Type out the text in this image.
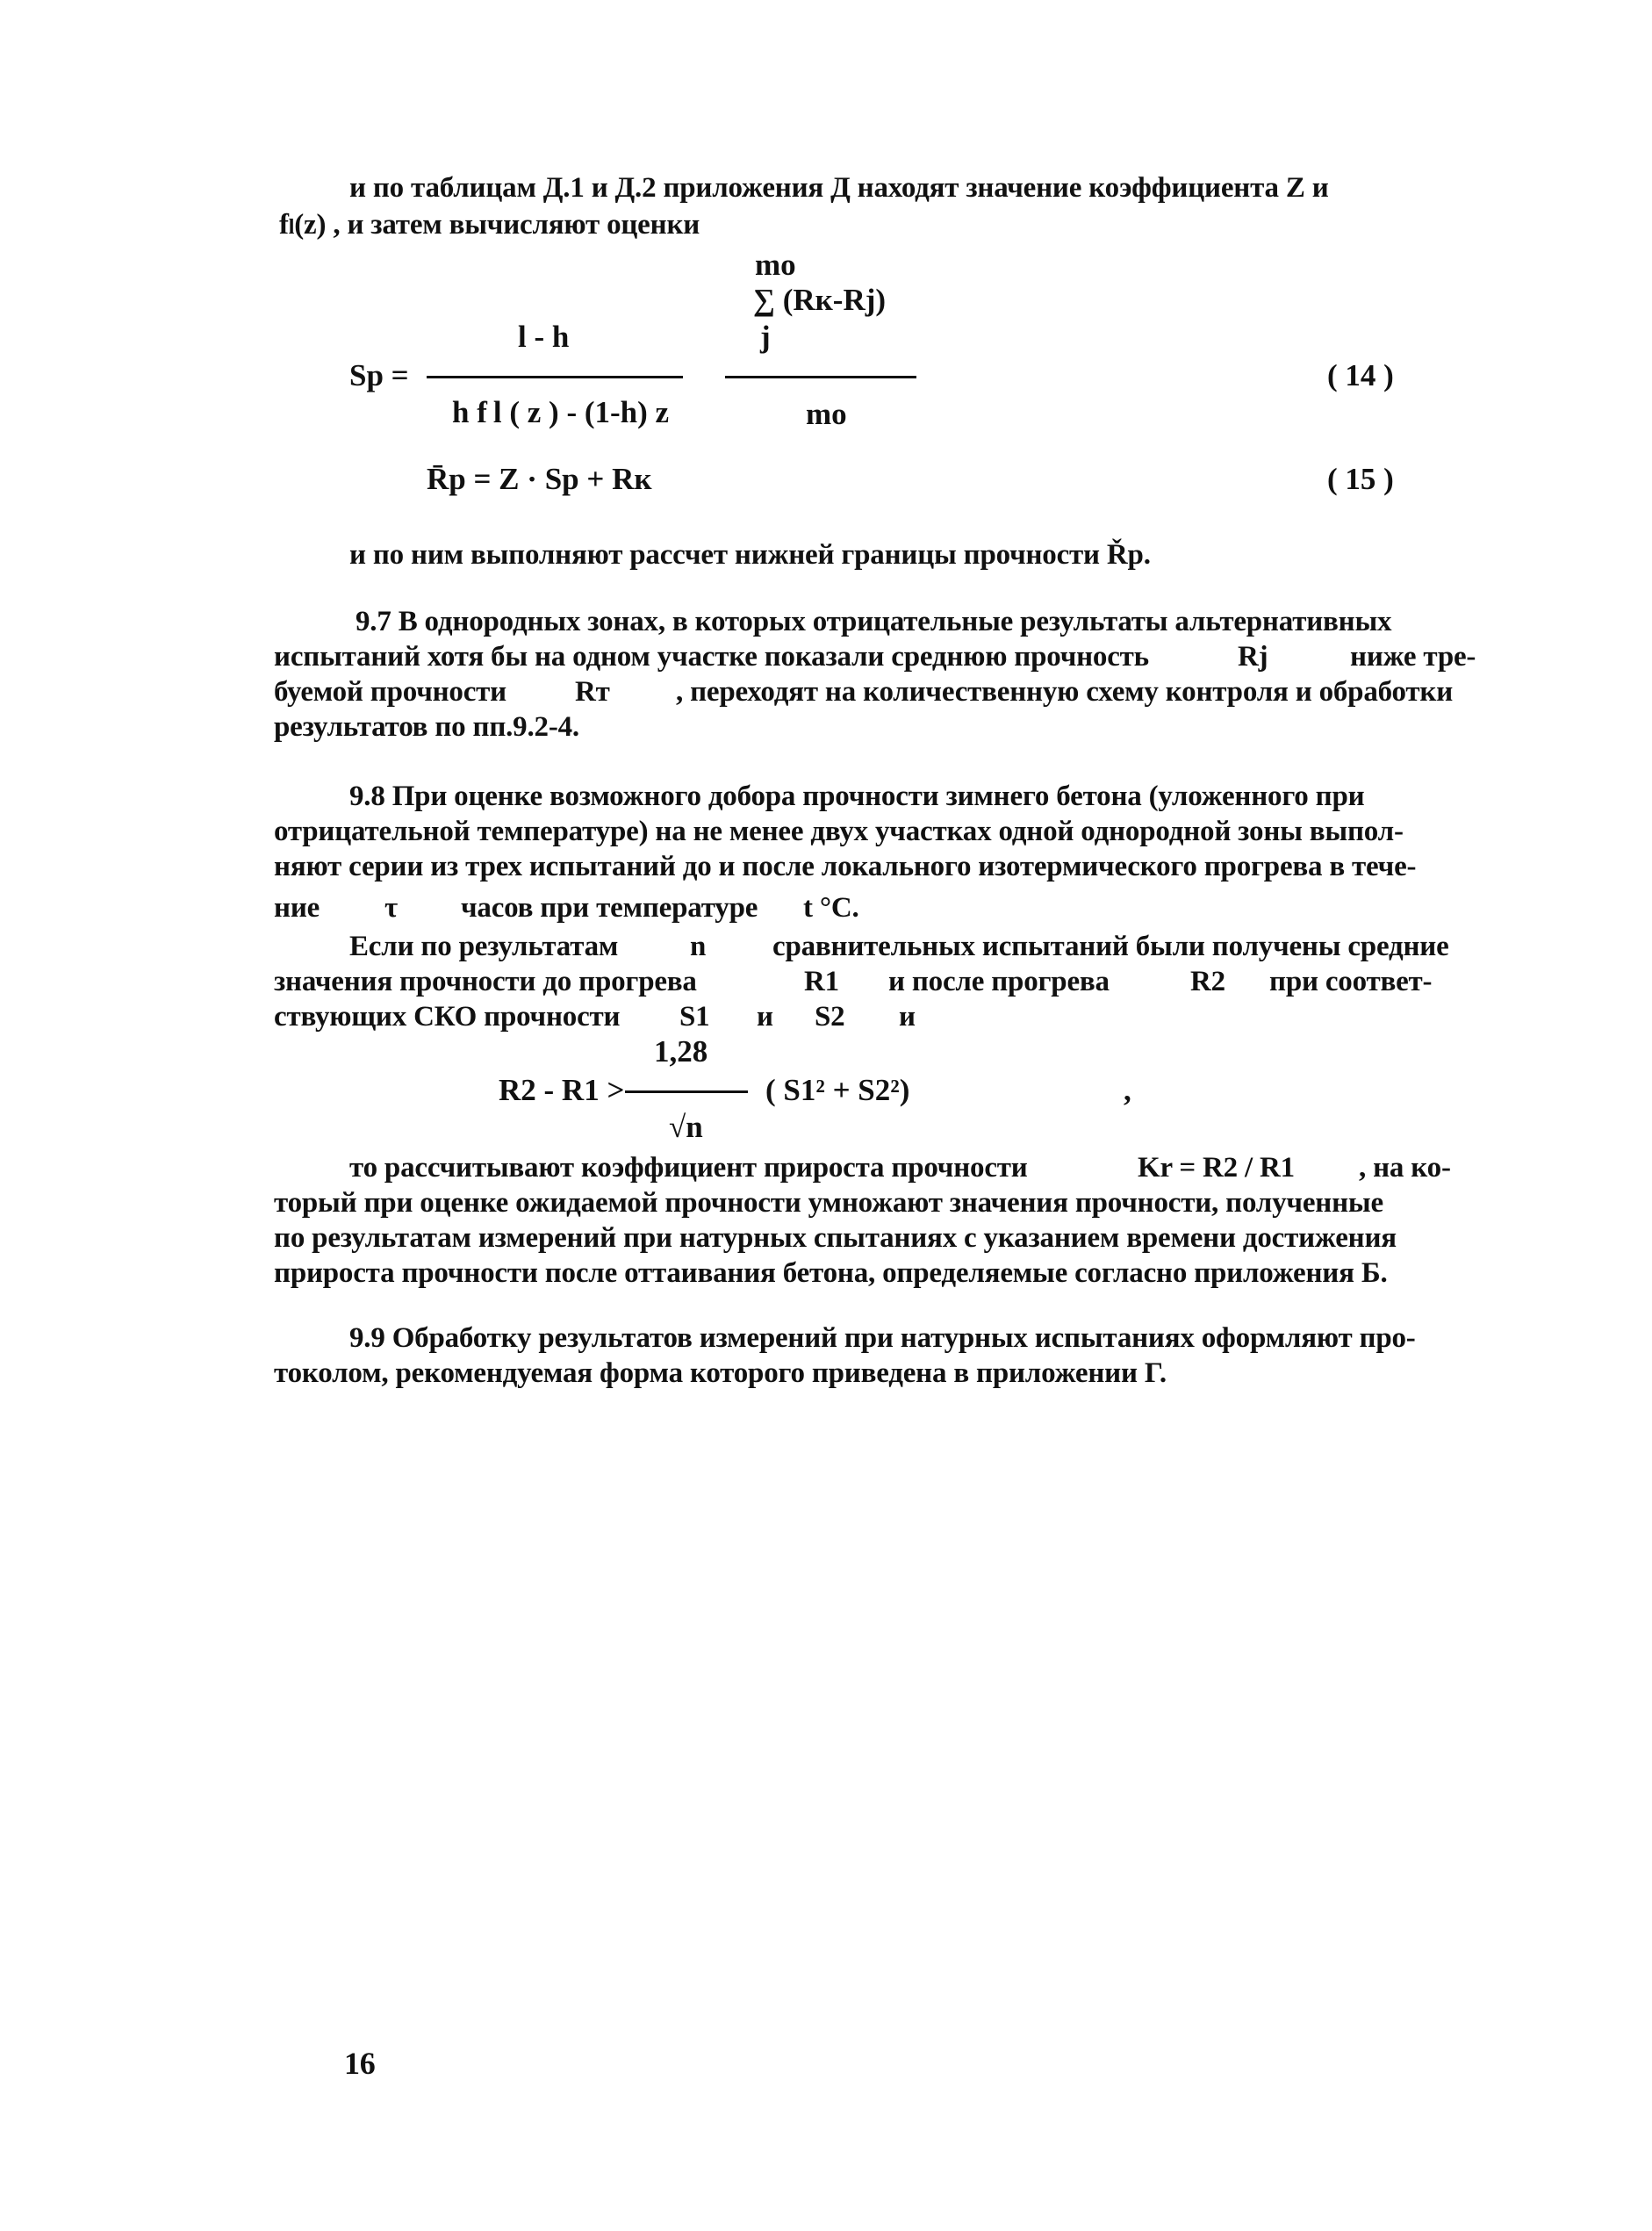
и по таблицам Д.1 и Д.2 приложения Д находят значение коэффициента Z и
fl(z) , и затем вычисляют оценки
mo
∑ (Rк-Rj)
l - h	j
Sp =	( 14 )
h f l ( z ) - (1-h) z	mo
R̄p = Z · Sp + Rк	( 15 )
и по ним выполняют рассчет нижней границы прочности Řp.
9.7 В однородных зонах, в которых отрицательные результаты альтернативных
испытаний хотя бы на одном участке показали среднюю прочность	Rj	ниже тре-
буемой прочности Rт , переходят на количественную схему контроля и обработки
результатов по пп.9.2-4.
9.8 При оценке возможного добора прочности зимнего бетона (уложенного при
отрицательной температуре) на не менее двух участках одной однородной зоны выпол-
няют серии из трех испытаний до и после локального изотермического прогрева в тече-
ние τ часов при температуре t °C.
Если по результатам n сравнительных испытаний были получены средние
значения прочности до прогрева	R1 и после прогрева	R2 при соответ-
ствующих СКО прочности S1 и S2 и
1,28
R2 - R1 >	( S1² + S2²)	,
√n
то рассчитывают коэффициент прироста прочности	Kr = R2 / R1 , на ко-
торый при оценке ожидаемой прочности умножают значения прочности, полученные
по результатам измерений при натурных спытаниях с указанием времени достижения
прироста прочности после оттаивания бетона, определяемые согласно приложения Б.
9.9 Обработку результатов измерений при натурных испытаниях оформляют про-
токолом, рекомендуемая форма которого приведена в приложении Г.
16
